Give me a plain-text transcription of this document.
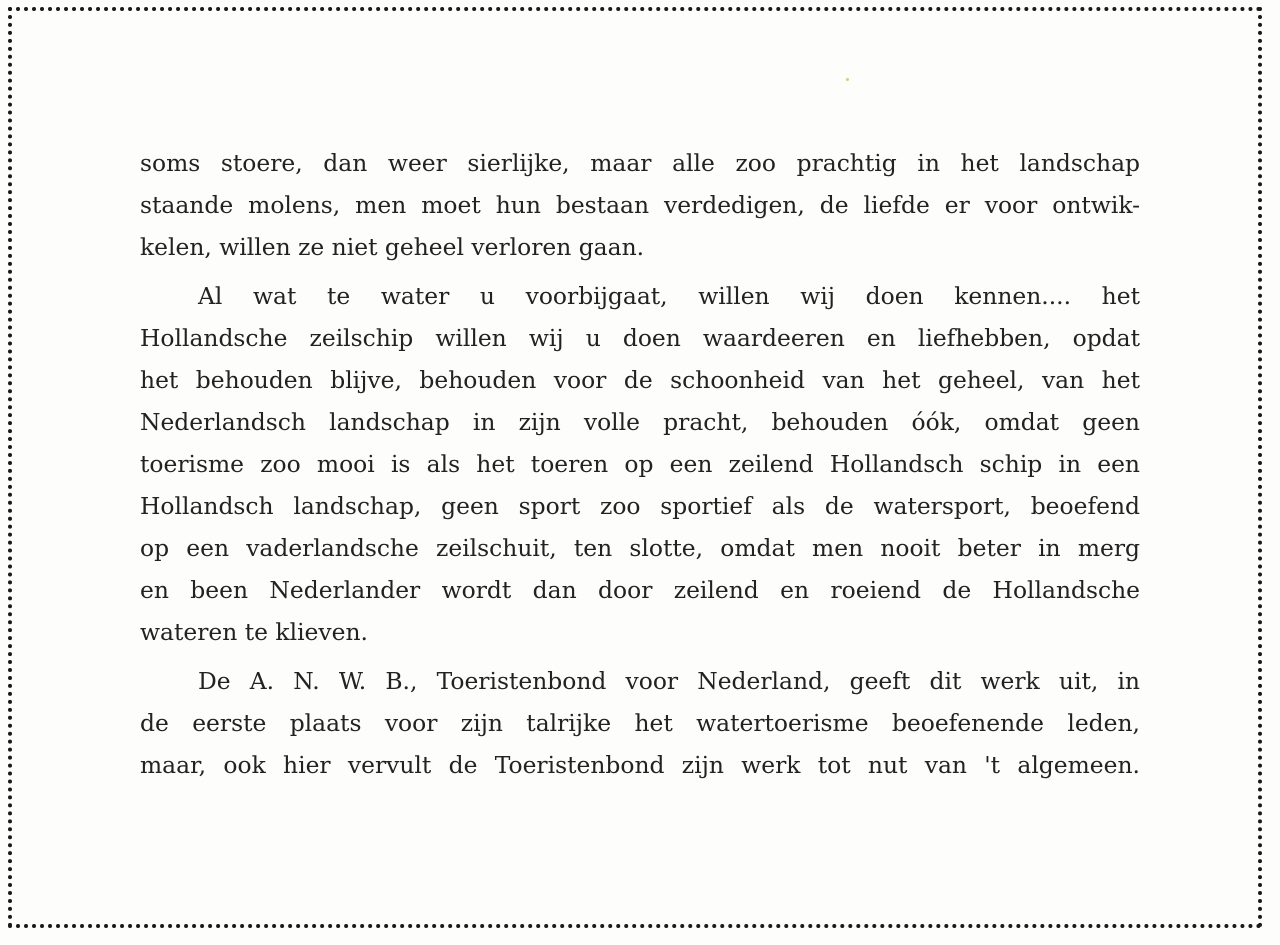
soms stoere, dan weer sierlijke, maar alle zoo prachtig in het landschap
staande molens, men moet hun bestaan verdedigen, de liefde er voor ontwik-
kelen, willen ze niet geheel verloren gaan.
Al wat te water u voorbijgaat, willen wij doen kennen.... het
Hollandsche zeilschip willen wij u doen waardeeren en liefhebben, opdat
het behouden blijve, behouden voor de schoonheid van het geheel, van het
Nederlandsch landschap in zijn volle pracht, behouden óók, omdat geen
toerisme zoo mooi is als het toeren op een zeilend Hollandsch schip in een
Hollandsch landschap, geen sport zoo sportief als de watersport, beoefend
op een vaderlandsche zeilschuit, ten slotte, omdat men nooit beter in merg
en been Nederlander wordt dan door zeilend en roeiend de Hollandsche
wateren te klieven.
De A. N. W. B., Toeristenbond voor Nederland, geeft dit werk uit, in
de eerste plaats voor zijn talrijke het watertoerisme beoefenende leden,
maar, ook hier vervult de Toeristenbond zijn werk tot nut van 't algemeen.
